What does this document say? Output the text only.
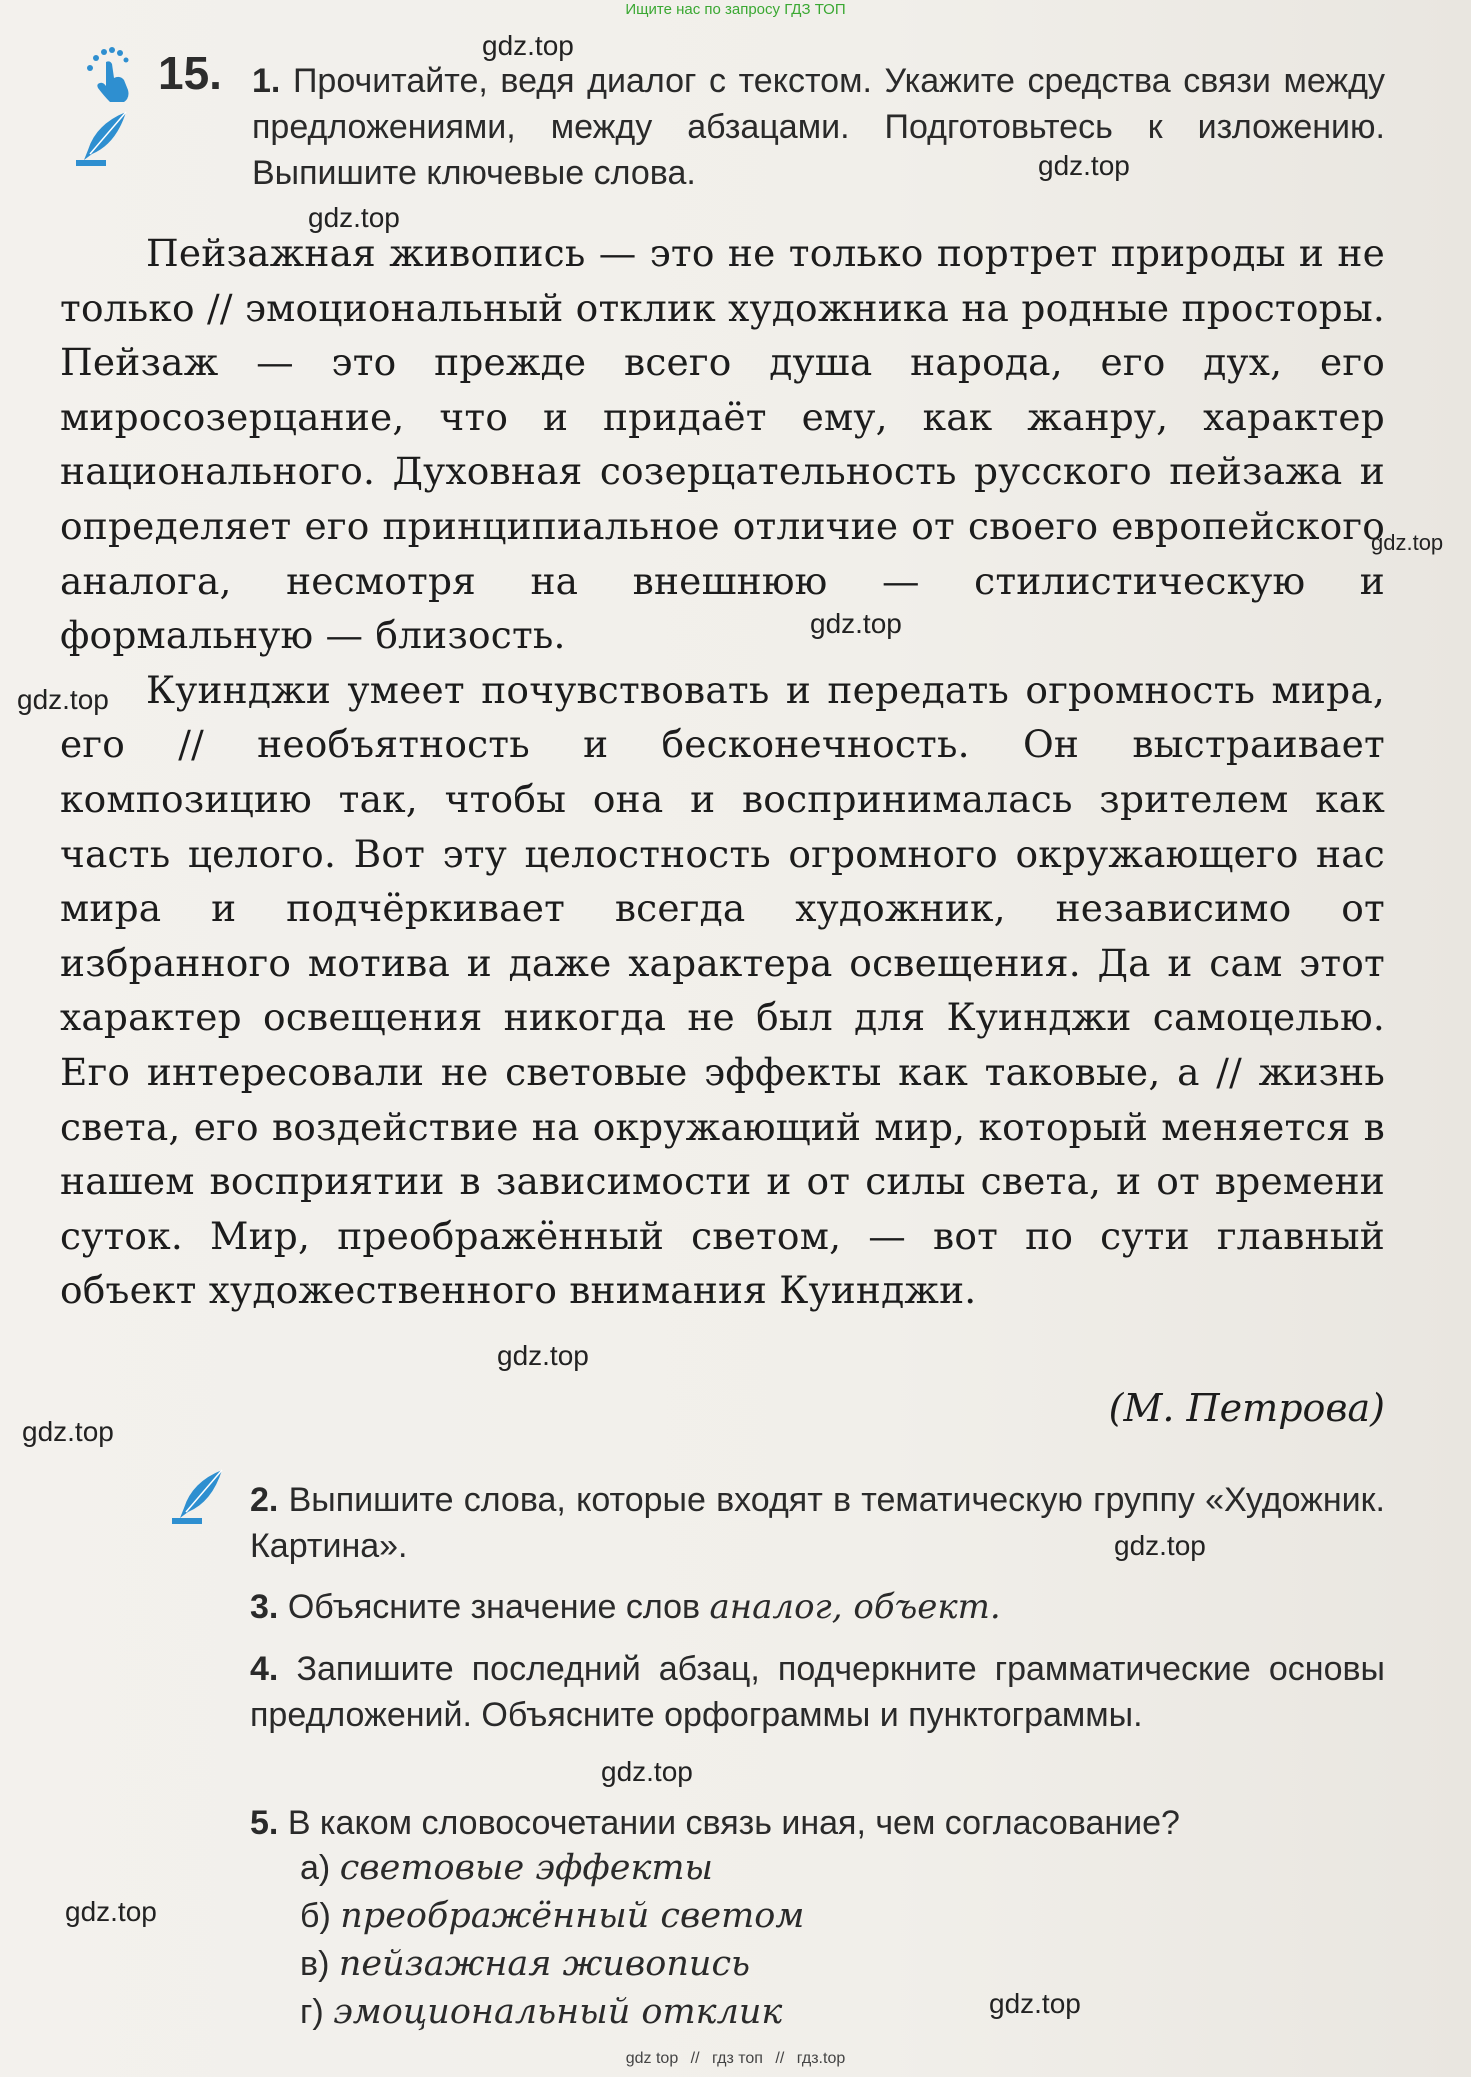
Ищите нас по запросу ГДЗ ТОП
15. 1. Прочитайте, ведя диалог с текстом. Укажите средства связи между предложениями, между абзацами. Подготовьтесь к изложению. Выпишите ключевые слова.

Пейзажная живопись — это не только портрет природы и не только // эмоциональный отклик художника на родные просторы. Пейзаж — это прежде всего душа народа, его дух, его миросозерцание, что и придаёт ему, как жанру, характер национального. Духовная созерцательность русского пейзажа и определяет его принципиальное отличие от своего европейского аналога, несмотря на внешнюю — стилистическую и формальную — близость.

Куинджи умеет почувствовать и передать огромность мира, его // необъятность и бесконечность. Он выстраивает композицию так, чтобы она и воспринималась зрителем как часть целого. Вот эту целостность огромного окружающего нас мира и подчёркивает всегда художник, независимо от избранного мотива и даже характера освещения. Да и сам этот характер освещения никогда не был для Куинджи самоцелью. Его интересовали не световые эффекты как таковые, а // жизнь света, его воздействие на окружающий мир, который меняется в нашем восприятии в зависимости и от силы света, и от времени суток. Мир, преображённый светом, — вот по сути главный объект художественного внимания Куинджи.

(М. Петрова)
2. Выпишите слова, которые входят в тематическую группу «Художник. Картина».
3. Объясните значение слов аналог, объект.
4. Запишите последний абзац, подчеркните грамматические основы предложений. Объясните орфограммы и пунктограммы.
5. В каком словосочетании связь иная, чем согласование?
а) световые эффекты
б) преображённый светом
в) пейзажная живопись
г) эмоциональный отклик
gdz.top
gdz.top
gdz.top
gdz.top
gdz.top
gdz.top
gdz.top
gdz.top
gdz.top
gdz.top
gdz.top
gdz.top
gdz top // гдз топ // гдз.top
